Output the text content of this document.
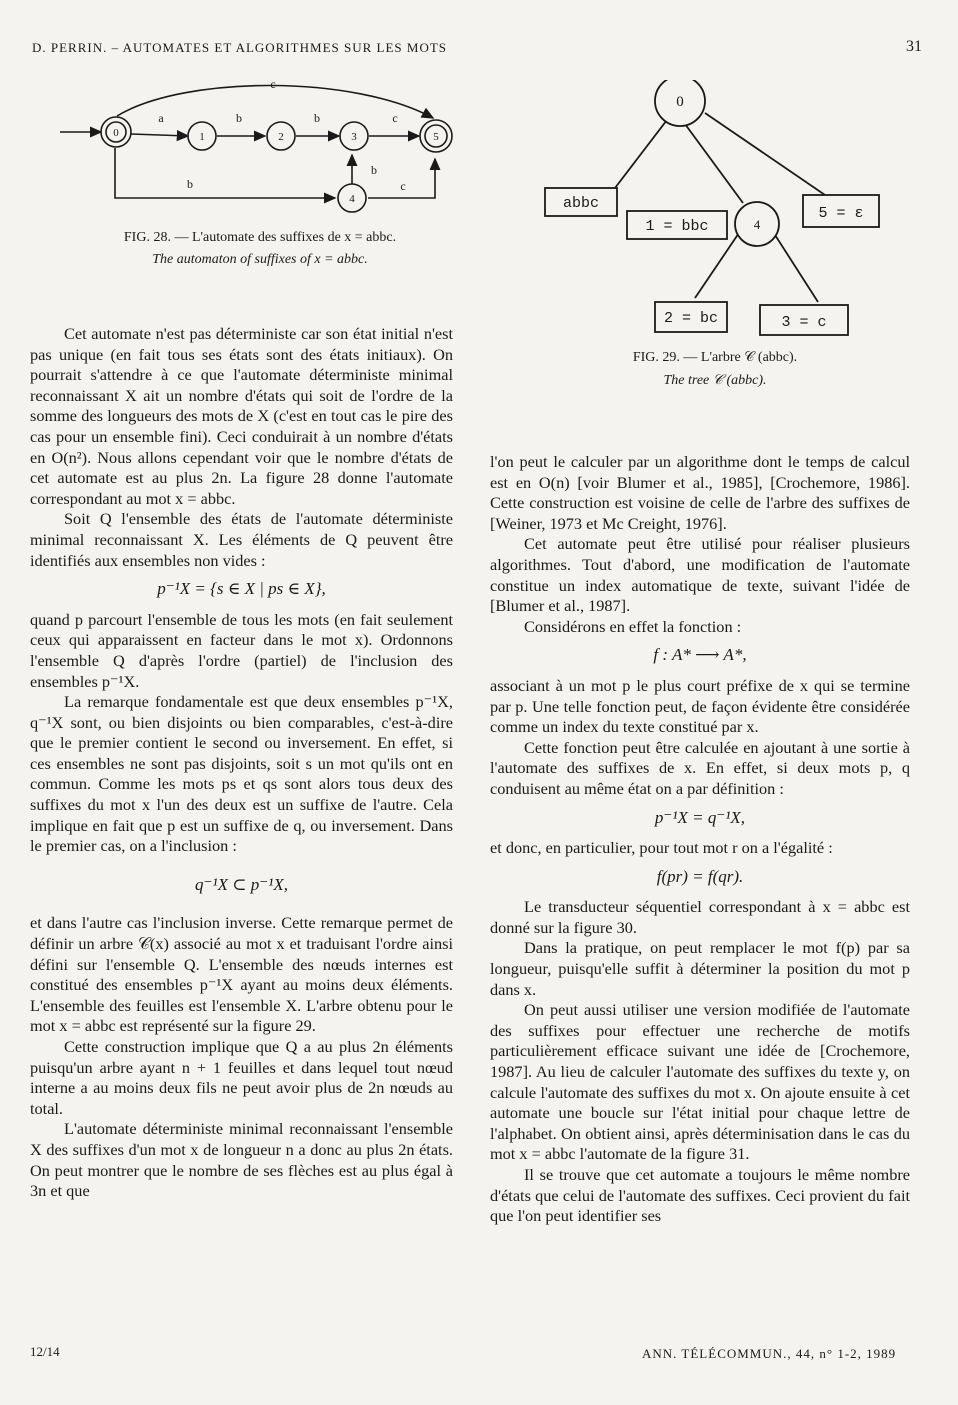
D. PERRIN. – AUTOMATES ET ALGORITHMES SUR LES MOTS	31
0	1	2	3
4
5
a	b	b	c
c
b
b
c
FIG. 28. — L'automate des suffixes de x = abbc.
The automaton of suffixes of x = abbc.
0
4
abbc
1 = bbc
5 = ε
2 = bc	3 = c
FIG. 29. — L'arbre 𝒞 (abbc).
The tree 𝒞 (abbc).

Cet automate n'est pas déterministe car son état initial n'est pas unique (en fait tous ses états sont des états initiaux). On pourrait s'attendre à ce que l'automate déterministe minimal reconnaissant X ait un nombre d'états qui soit de l'ordre de la somme des longueurs des mots de X (c'est en tout cas le pire des cas pour un ensemble fini). Ceci conduirait à un nombre d'états en O(n²). Nous allons cependant voir que le nombre d'états de cet automate est au plus 2n. La figure 28 donne l'automate correspondant au mot x = abbc.

Soit Q l'ensemble des états de l'automate déterministe minimal reconnaissant X. Les éléments de Q peuvent être identifiés aux ensembles non vides :

p⁻¹X = {s ∈ X | ps ∈ X},

quand p parcourt l'ensemble de tous les mots (en fait seulement ceux qui apparaissent en facteur dans le mot x). Ordonnons l'ensemble Q d'après l'ordre (partiel) de l'inclusion des ensembles p⁻¹X.

La remarque fondamentale est que deux ensembles p⁻¹X, q⁻¹X sont, ou bien disjoints ou bien comparables, c'est-à-dire que le premier contient le second ou inversement. En effet, si ces ensembles ne sont pas disjoints, soit s un mot qu'ils ont en commun. Comme les mots ps et qs sont alors tous deux des suffixes du mot x l'un des deux est un suffixe de l'autre. Cela implique en fait que p est un suffixe de q, ou inversement. Dans le premier cas, on a l'inclusion :

q⁻¹X ⊂ p⁻¹X,

et dans l'autre cas l'inclusion inverse. Cette remarque permet de définir un arbre 𝒞(x) associé au mot x et traduisant l'ordre ainsi défini sur l'ensemble Q. L'ensemble des nœuds internes est constitué des ensembles p⁻¹X ayant au moins deux éléments. L'ensemble des feuilles est l'ensemble X. L'arbre obtenu pour le mot x = abbc est représenté sur la figure 29.

Cette construction implique que Q a au plus 2n éléments puisqu'un arbre ayant n + 1 feuilles et dans lequel tout nœud interne a au moins deux fils ne peut avoir plus de 2n nœuds au total.

L'automate déterministe minimal reconnaissant l'ensemble X des suffixes d'un mot x de longueur n a donc au plus 2n états. On peut montrer que le nombre de ses flèches est au plus égal à 3n et que

l'on peut le calculer par un algorithme dont le temps de calcul est en O(n) [voir Blumer et al., 1985], [Crochemore, 1986]. Cette construction est voisine de celle de l'arbre des suffixes de [Weiner, 1973 et Mc Creight, 1976].

Cet automate peut être utilisé pour réaliser plusieurs algorithmes. Tout d'abord, une modification de l'automate constitue un index automatique de texte, suivant l'idée de [Blumer et al., 1987].

Considérons en effet la fonction :

f : A* ⟶ A*,

associant à un mot p le plus court préfixe de x qui se termine par p. Une telle fonction peut, de façon évidente être considérée comme un index du texte constitué par x.

Cette fonction peut être calculée en ajoutant à une sortie à l'automate des suffixes de x. En effet, si deux mots p, q conduisent au même état on a par définition :

p⁻¹X = q⁻¹X,

et donc, en particulier, pour tout mot r on a l'égalité :

f(pr) = f(qr).

Le transducteur séquentiel correspondant à x = abbc est donné sur la figure 30.

Dans la pratique, on peut remplacer le mot f(p) par sa longueur, puisqu'elle suffit à déterminer la position du mot p dans x.

On peut aussi utiliser une version modifiée de l'automate des suffixes pour effectuer une recherche de motifs particulièrement efficace suivant une idée de [Crochemore, 1987]. Au lieu de calculer l'automate des suffixes du texte y, on calcule l'automate des suffixes du mot x. On ajoute ensuite à cet automate une boucle sur l'état initial pour chaque lettre de l'alphabet. On obtient ainsi, après déterminisation dans le cas du mot x = abbc l'automate de la figure 31.

Il se trouve que cet automate a toujours le même nombre d'états que celui de l'automate des suffixes. Ceci provient du fait que l'on peut identifier ses

12/14	ANN. TÉLÉCOMMUN., 44, n° 1-2, 1989
